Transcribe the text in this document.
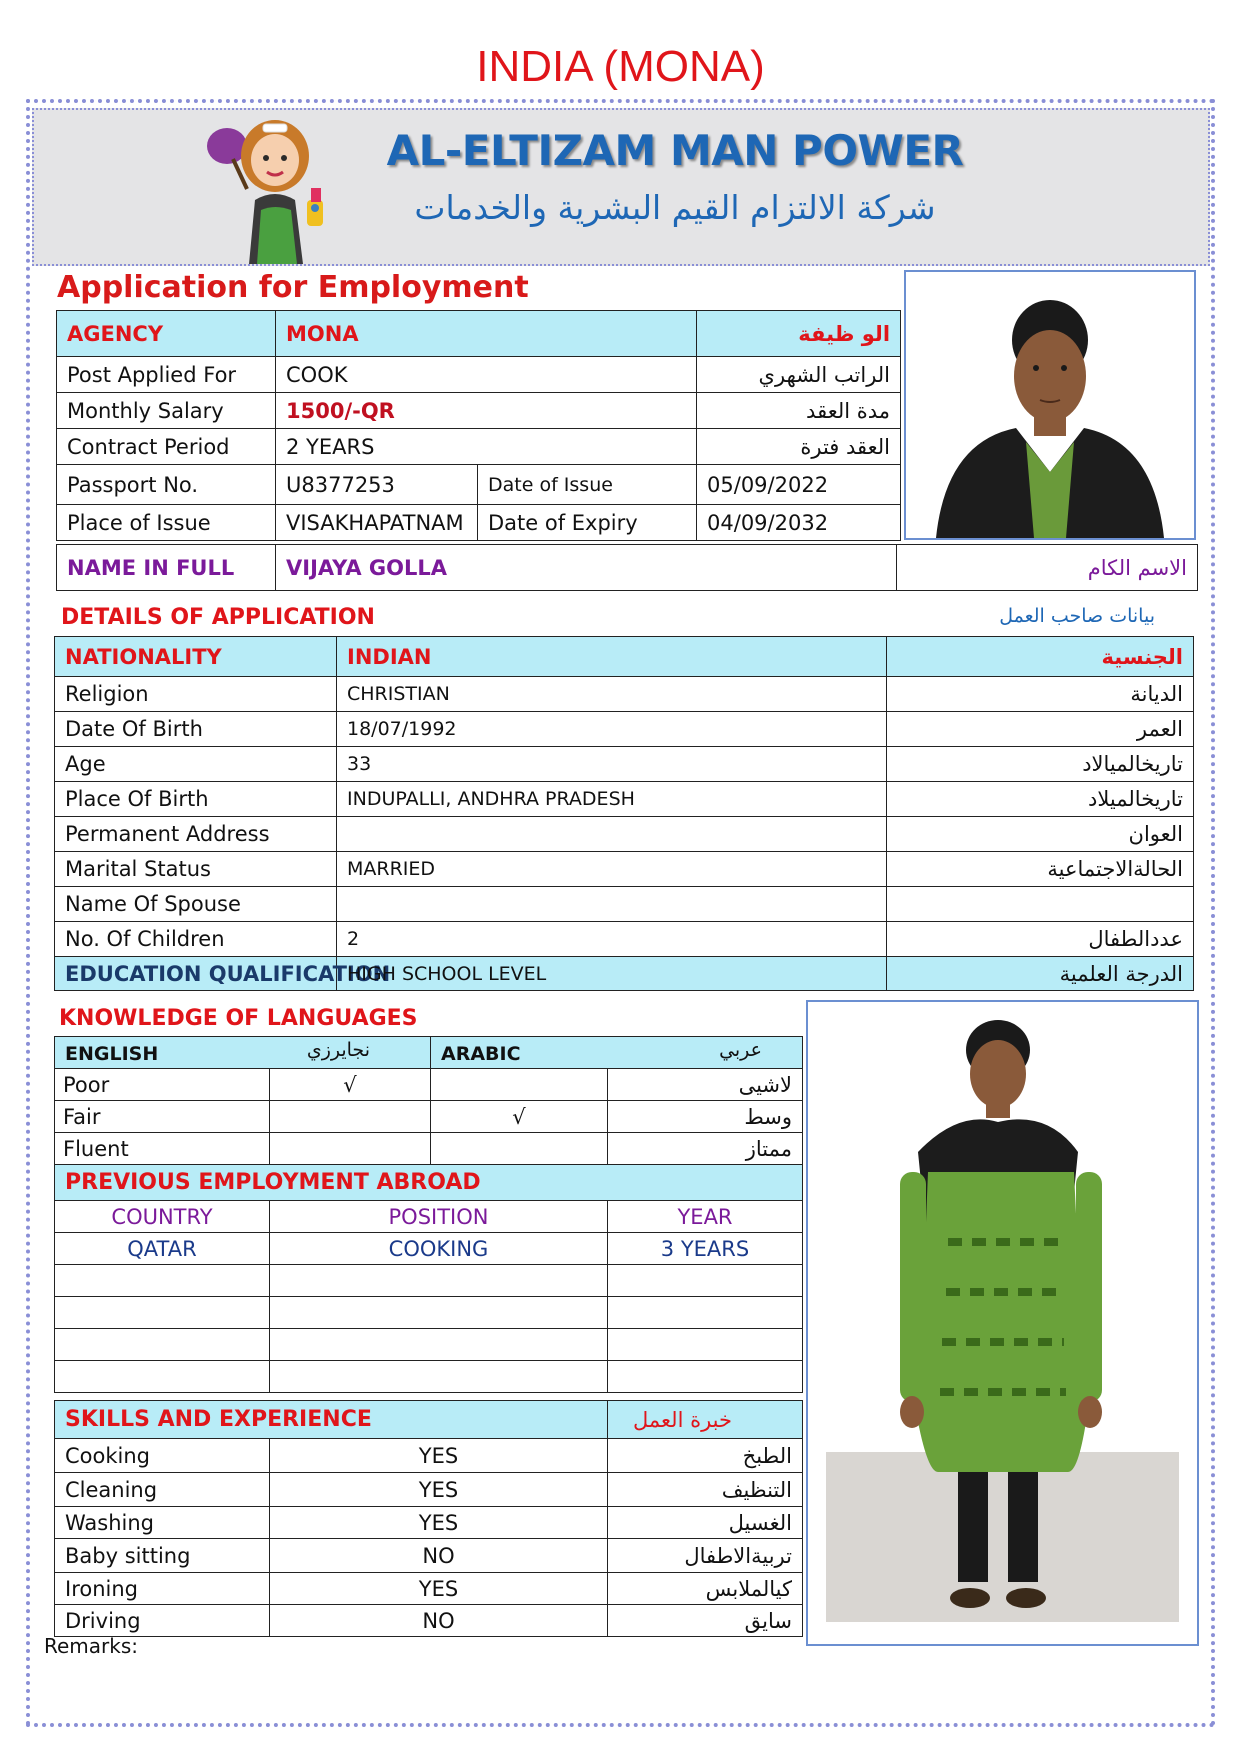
INDIA (MONA)
AL-ELTIZAM MAN POWER
شركة الالتزام القيم البشرية والخدمات
Application for Employment
AGENCY	MONA		الو ظيفة
Post Applied For	COOK		الراتب الشهري
Monthly Salary	1500/-QR		مدة العقد
Contract Period	2 YEARS		العقد فترة
Passport No.	U8377253	Date of Issue	05/09/2022
Place of Issue	VISAKHAPATNAM	Date of Expiry	04/09/2032
NAME IN FULL	VIJAYA GOLLA	الاسم الكام
DETAILS OF APPLICATION	بيانات صاحب العمل
NATIONALITY	INDIAN	الجنسية
Religion	CHRISTIAN	الديانة
Date Of Birth	18/07/1992	العمر
Age	33	تاريخالميالاد
Place Of Birth	INDUPALLI, ANDHRA PRADESH	تاريخالميلاد
Permanent Address		العوان
Marital Status	MARRIED	الحالةالاجتماعية
Name Of Spouse		
No. Of Children	2	عددالطفال
EDUCATION QUALIFICATION	HIGH SCHOOL LEVEL	الدرجة العلمية
KNOWLEDGE OF LANGUAGES
ENGLISH نجايرزي		ARABIC عربي	

Poor	√		لاشيى
Fair		√	وسط
Fluent			ممتاز
PREVIOUS EMPLOYMENT ABROAD		
COUNTRY	POSITION	YEAR
QATAR	COOKING	3 YEARS

SKILLS AND EXPERIENCE		خبرة العمل
Cooking	YES	الطبخ
Cleaning	YES	التنظيف
Washing	YES	الغسيل
Baby sitting	NO	تربيةالاطفال
Ironing	YES	كيالملابس
Driving	NO	سايق
Remarks:
